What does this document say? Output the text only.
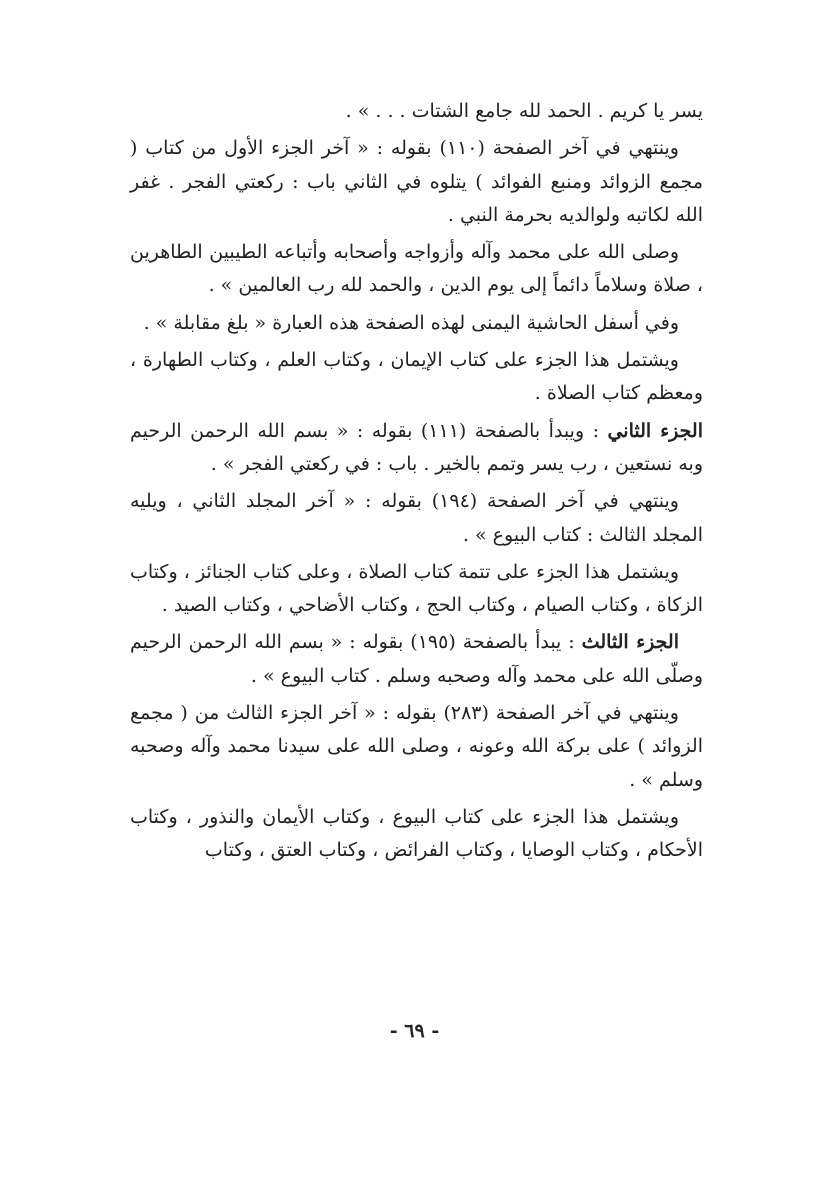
يسر يا كريم . الحمد لله جامع الشتات . . . » .

وينتهي في آخر الصفحة (١١٠) بقوله : « آخر الجزء الأول من كتاب ( مجمع الزوائد ومنبع الفوائد ) يتلوه في الثاني باب : ركعتي الفجر . غفر الله لكاتبه ولوالديه بحرمة النبي .

وصلى الله على محمد وآله وأزواجه وأصحابه وأتباعه الطيبين الطاهرين ، صلاة وسلاماً دائماً إلى يوم الدين ، والحمد لله رب العالمين » .

وفي أسفل الحاشية اليمنى لهذه الصفحة هذه العبارة « بلغ مقابلة » .

ويشتمل هذا الجزء على كتاب الإيمان ، وكتاب العلم ، وكتاب الطهارة ، ومعظم كتاب الصلاة .

الجزء الثاني : ويبدأ بالصفحة (١١١) بقوله : « بسم الله الرحمن الرحيم وبه نستعين ، رب يسر وتمم بالخير . باب : في ركعتي الفجر » .

وينتهي في آخر الصفحة (١٩٤) بقوله : « آخر المجلد الثاني ، ويليه المجلد الثالث : كتاب البيوع » .

ويشتمل هذا الجزء على تتمة كتاب الصلاة ، وعلى كتاب الجنائز ، وكتاب الزكاة ، وكتاب الصيام ، وكتاب الحج ، وكتاب الأضاحي ، وكتاب الصيد .

الجزء الثالث : يبدأ بالصفحة (١٩٥) بقوله : « بسم الله الرحمن الرحيم وصلّى الله على محمد وآله وصحبه وسلم . كتاب البيوع » .

وينتهي في آخر الصفحة (٢٨٣) بقوله : « آخر الجزء الثالث من ( مجمع الزوائد ) على بركة الله وعونه ، وصلى الله على سيدنا محمد وآله وصحبه وسلم » .

ويشتمل هذا الجزء على كتاب البيوع ، وكتاب الأيمان والنذور ، وكتاب الأحكام ، وكتاب الوصايا ، وكتاب الفرائض ، وكتاب العتق ، وكتاب

- ٦٩ -
